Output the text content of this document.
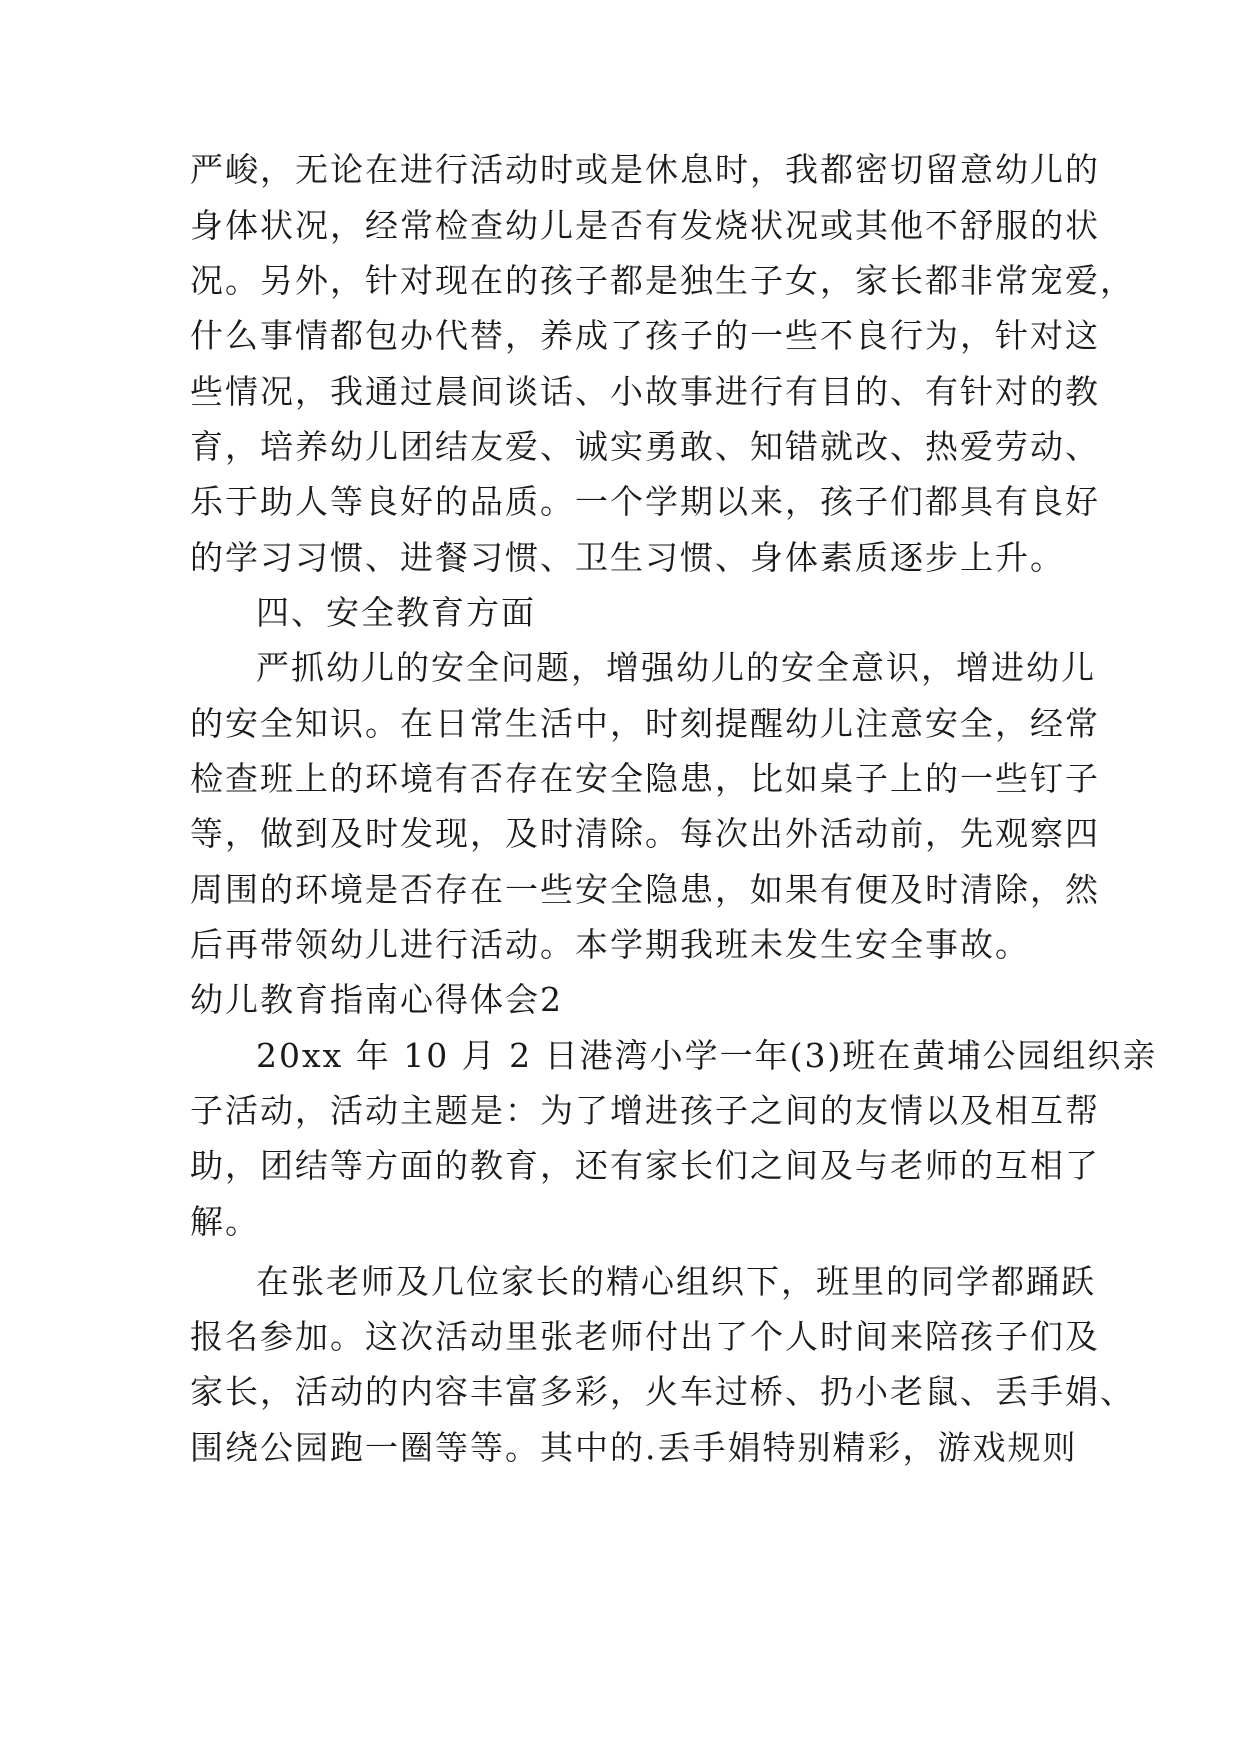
严峻，无论在进行活动时或是休息时，我都密切留意幼儿的
身体状况，经常检查幼儿是否有发烧状况或其他不舒服的状
况。另外，针对现在的孩子都是独生子女，家长都非常宠爱，
什么事情都包办代替，养成了孩子的一些不良行为，针对这
些情况，我通过晨间谈话、小故事进行有目的、有针对的教
育，培养幼儿团结友爱、诚实勇敢、知错就改、热爱劳动、
乐于助人等良好的品质。一个学期以来，孩子们都具有良好
的学习习惯、进餐习惯、卫生习惯、身体素质逐步上升。
四、安全教育方面
严抓幼儿的安全问题，增强幼儿的安全意识，增进幼儿
的安全知识。在日常生活中，时刻提醒幼儿注意安全，经常
检查班上的环境有否存在安全隐患，比如桌子上的一些钉子
等，做到及时发现，及时清除。每次出外活动前，先观察四
周围的环境是否存在一些安全隐患，如果有便及时清除，然
后再带领幼儿进行活动。本学期我班未发生安全事故。
幼儿教育指南心得体会2
20xx 年 10 月 2 日港湾小学一年(3)班在黄埔公园组织亲
子活动，活动主题是：为了增进孩子之间的友情以及相互帮
助，团结等方面的教育，还有家长们之间及与老师的互相了
解。
在张老师及几位家长的精心组织下，班里的同学都踊跃
报名参加。这次活动里张老师付出了个人时间来陪孩子们及
家长，活动的内容丰富多彩，火车过桥、扔小老鼠、丢手娟、
围绕公园跑一圈等等。其中的.丢手娟特别精彩，游戏规则
